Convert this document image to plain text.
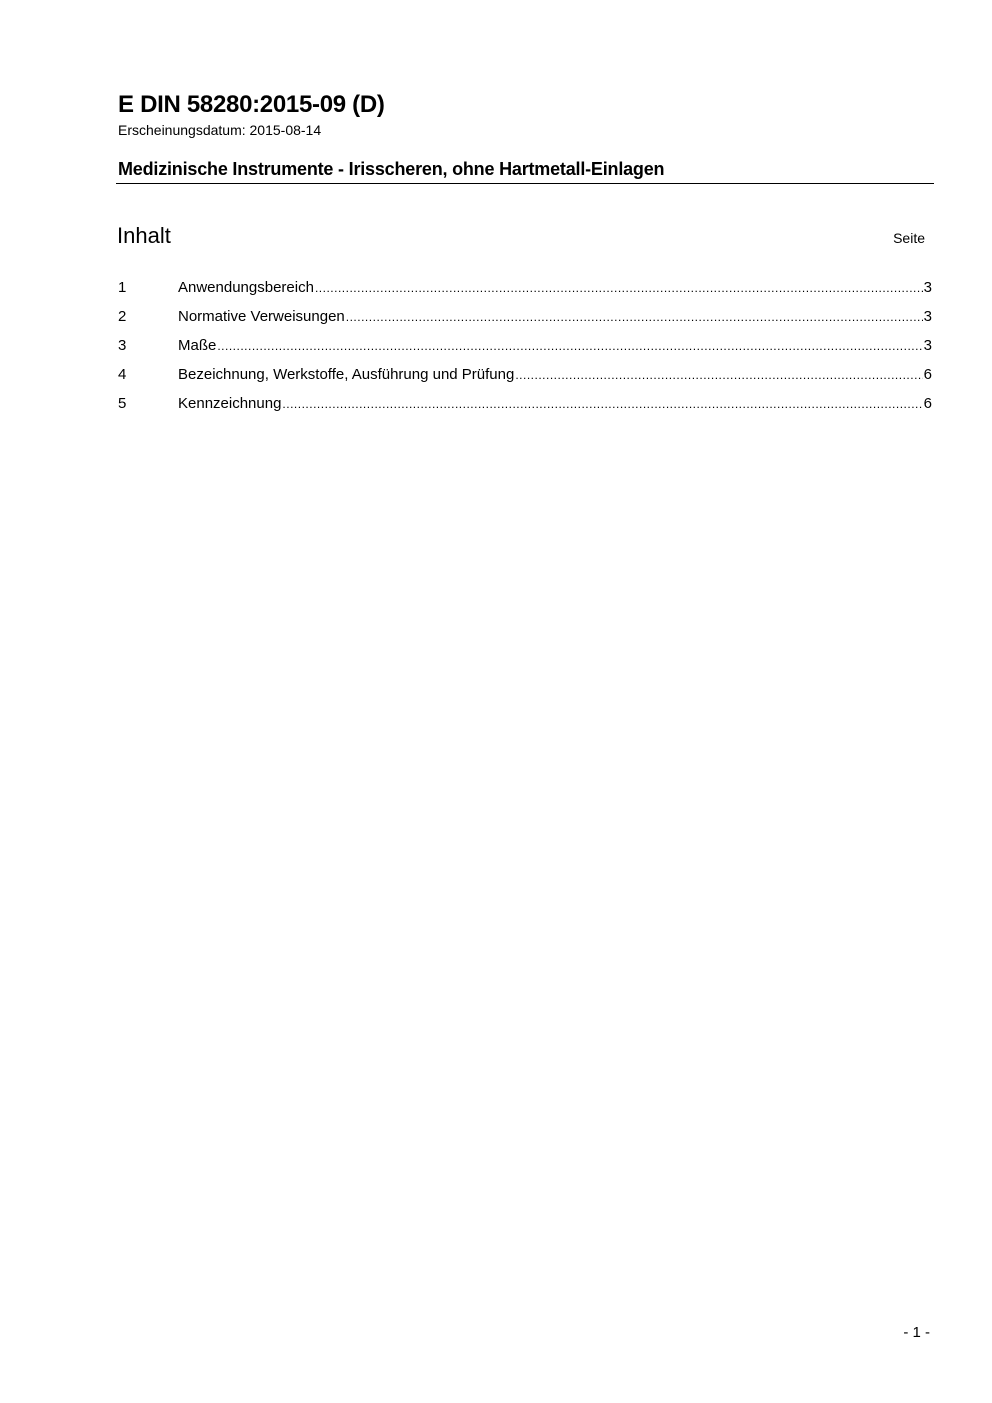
E DIN 58280:2015-09 (D)
Erscheinungsdatum: 2015-08-14
Medizinische Instrumente - Irisscheren, ohne Hartmetall-Einlagen
Inhalt	Seite
1	Anwendungsbereich .....	3
2	Normative Verweisungen .....	3
3	Maße .....	3
4	Bezeichnung, Werkstoffe, Ausführung und Prüfung .....	6
5	Kennzeichnung .....	6
- 1 -
